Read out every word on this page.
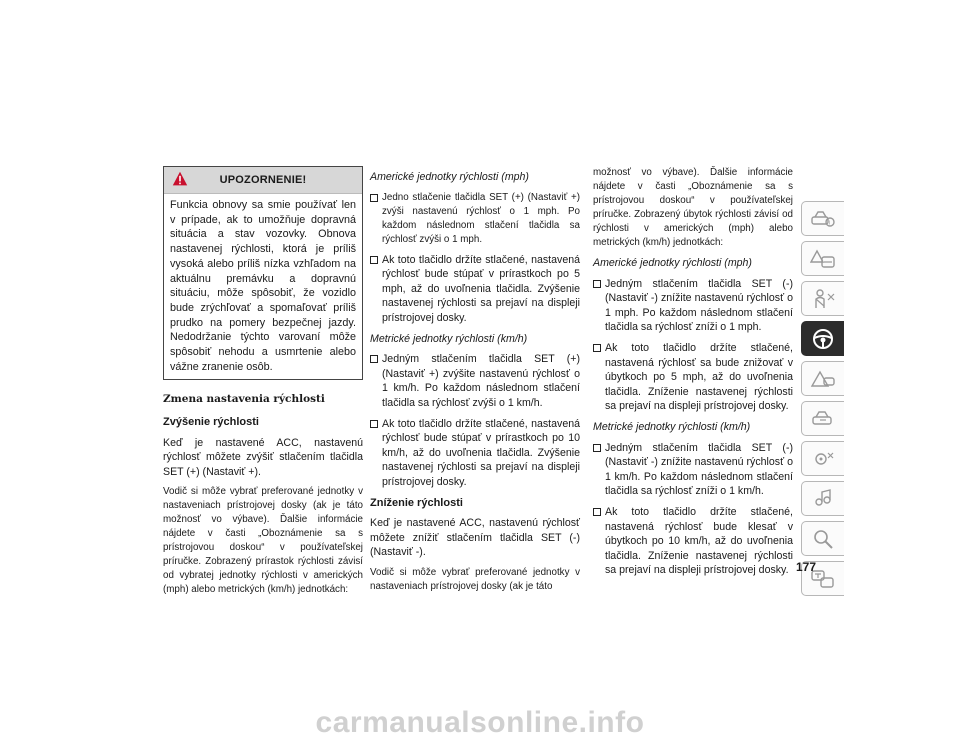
UPOZORNENIE!
Funkcia obnovy sa smie používať len v prípade, ak to umožňuje dopravná situácia a stav vozovky. Obnova nastavenej rýchlosti, ktorá je príliš vysoká alebo príliš nízka vzhľadom na aktuálnu premávku a dopravnú situáciu, môže spôsobiť, že vozidlo bude zrýchľovať a spomaľovať príliš prudko na pomery bezpečnej jazdy. Nedodržanie týchto varovaní môže spôsobiť nehodu a usmrtenie alebo vážne zranenie osôb.
Zmena nastavenia rýchlosti
Zvýšenie rýchlosti

Keď je nastavené ACC, nastavenú rýchlosť môžete zvýšiť stlačením tlačidla SET (+) (Nastaviť +).

Vodič si môže vybrať preferované jednotky v nastaveniach prístrojovej dosky (ak je táto možnosť vo výbave). Ďalšie informácie nájdete v časti „Oboznámenie sa s prístrojovou doskou“ v používateľskej príručke. Zobrazený prírastok rýchlosti závisí od vybratej jednotky rýchlosti v amerických (mph) alebo metrických (km/h) jednotkách:

Americké jednotky rýchlosti (mph)

Jedno stlačenie tlačidla SET (+) (Nastaviť +) zvýši nastavenú rýchlosť o 1 mph. Po každom následnom stlačení tlačidla sa rýchlosť zvýši o 1 mph.
Ak toto tlačidlo držíte stlačené, nastavená rýchlosť bude stúpať v prírastkoch po 5 mph, až do uvoľnenia tlačidla. Zvýšenie nastavenej rýchlosti sa prejaví na displeji prístrojovej dosky.

Metrické jednotky rýchlosti (km/h)

Jedným stlačením tlačidla SET (+) (Nastaviť +) zvýšite nastavenú rýchlosť o 1 km/h. Po každom následnom stlačení tlačidla sa rýchlosť zvýši o 1 km/h.
Ak toto tlačidlo držíte stlačené, nastavená rýchlosť bude stúpať v prírastkoch po 10 km/h, až do uvoľnenia tlačidla. Zvýšenie nastavenej rýchlosti sa prejaví na displeji prístrojovej dosky.
Zníženie rýchlosti

Keď je nastavené ACC, nastavenú rýchlosť môžete znížiť stlačením tlačidla SET (-) (Nastaviť -).

Vodič si môže vybrať preferované jednotky v nastaveniach prístrojovej dosky (ak je táto

možnosť vo výbave). Ďalšie informácie nájdete v časti „Oboznámenie sa s prístrojovou doskou“ v používateľskej príručke. Zobrazený úbytok rýchlosti závisí od rýchlosti v amerických (mph) alebo metrických (km/h) jednotkách:

Americké jednotky rýchlosti (mph)

Jedným stlačením tlačidla SET (-) (Nastaviť -) znížite nastavenú rýchlosť o 1 mph. Po každom následnom stlačení tlačidla sa rýchlosť zníži o 1 mph.
Ak toto tlačidlo držíte stlačené, nastavená rýchlosť sa bude znižovať v úbytkoch po 5 mph, až do uvoľnenia tlačidla. Zníženie nastavenej rýchlosti sa prejaví na displeji prístrojovej dosky.

Metrické jednotky rýchlosti (km/h)

Jedným stlačením tlačidla SET (-) (Nastaviť -) znížite nastavenú rýchlosť o 1 km/h. Po každom následnom stlačení tlačidla sa rýchlosť zníži o 1 km/h.
Ak toto tlačidlo držíte stlačené, nastavená rýchlosť bude klesať v úbytkoch po 10 km/h, až do uvoľnenia tlačidla. Zníženie nastavenej rýchlosti sa prejaví na displeji prístrojovej dosky.
i
177
carmanualsonline.info
